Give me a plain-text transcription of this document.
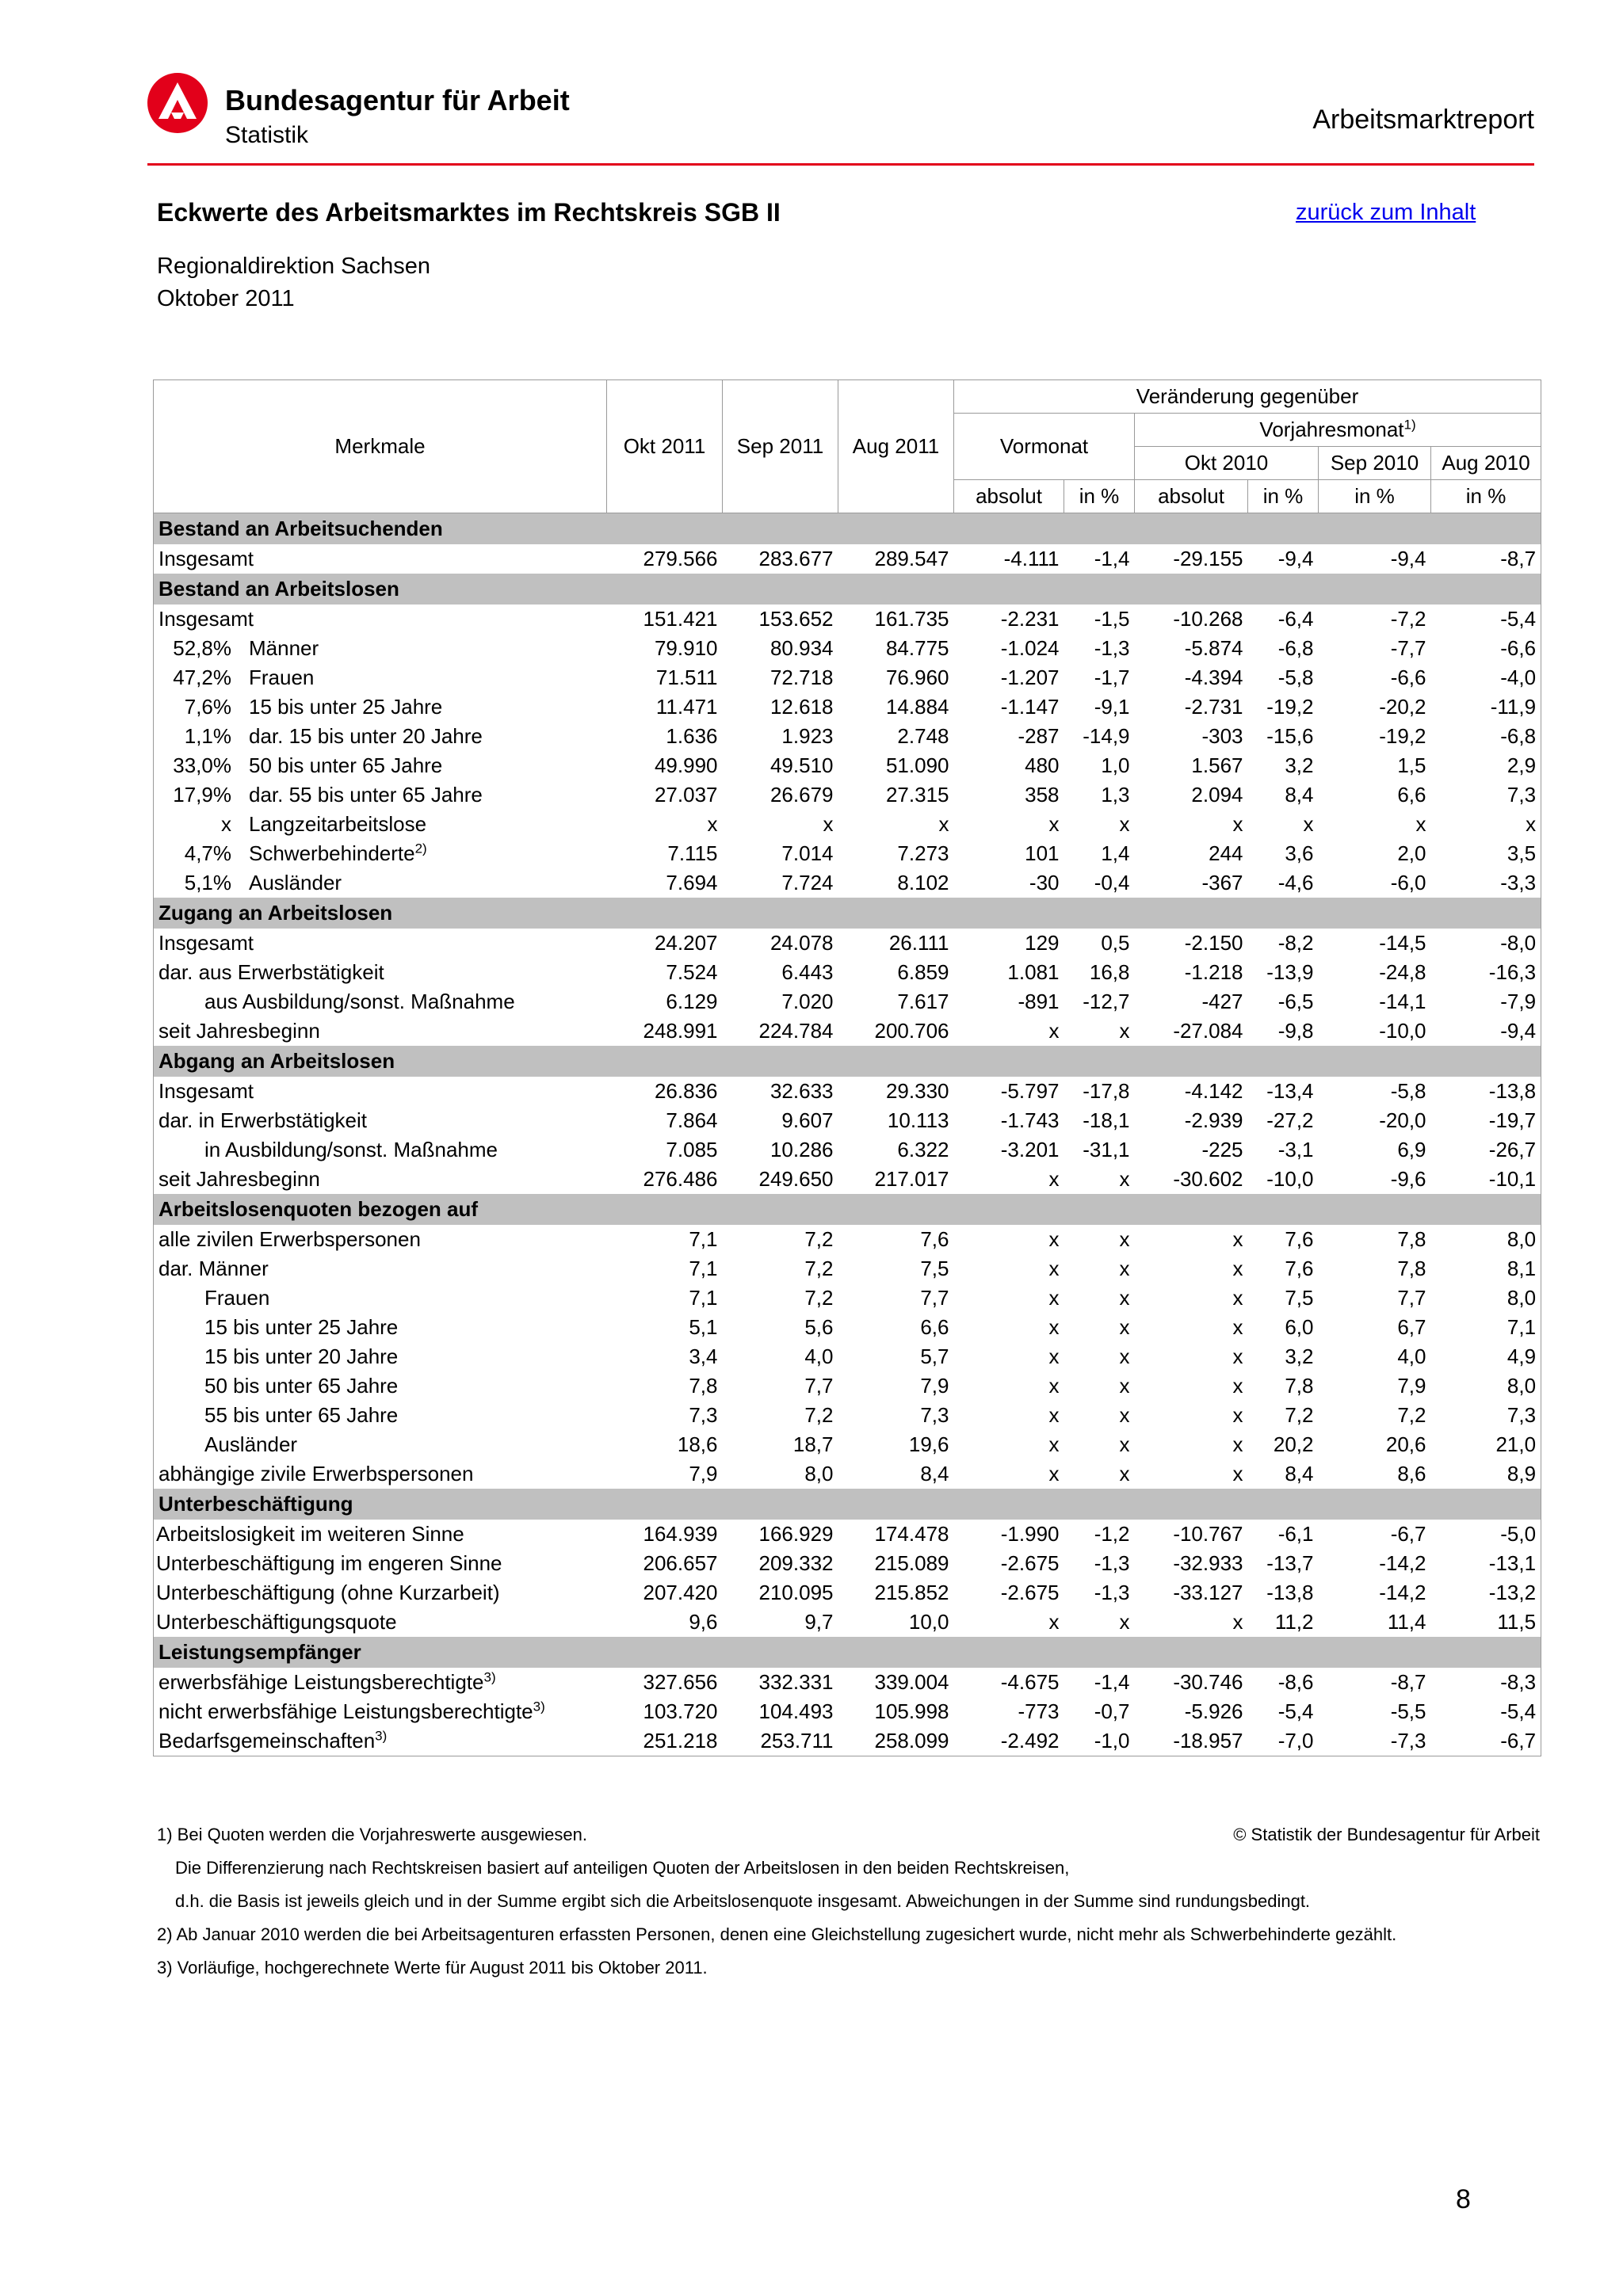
Bundesagentur für Arbeit
Statistik
Arbeitsmarktreport
Eckwerte des Arbeitsmarktes im Rechtskreis SGB II	zurück zum Inhalt
Regionaldirektion Sachsen
Oktober 2011
Merkmale	Okt 2011	Sep 2011	Aug 2011	Veränderung gegenüber					
				Vormonat		Vorjahresmonat$^{1)}$
						Okt 2010		Sep 2010	Aug 2010
				absolut	in %	absolut	in %	in %	in %
Bestand an Arbeitsuchenden									
Insgesamt	279.566	283.677	289.547	-4.111	-1,4	-29.155	-9,4	-9,4	-8,7
Bestand an Arbeitslosen									
Insgesamt	151.421	153.652	161.735	-2.231	-1,5	-10.268	-6,4	-7,2	-5,4
52,8% Männer	79.910	80.934	84.775	-1.024	-1,3	-5.874	-6,8	-7,7	-6,6
47,2% Frauen	71.511	72.718	76.960	-1.207	-1,7	-4.394	-5,8	-6,6	-4,0
7,6% 15 bis unter 25 Jahre	11.471	12.618	14.884	-1.147	-9,1	-2.731	-19,2	-20,2	-11,9
1,1% dar. 15 bis unter 20 Jahre	1.636	1.923	2.748	-287	-14,9	-303	-15,6	-19,2	-6,8
33,0% 50 bis unter 65 Jahre	49.990	49.510	51.090	480	1,0	1.567	3,2	1,5	2,9
17,9% dar. 55 bis unter 65 Jahre	27.037	26.679	27.315	358	1,3	2.094	8,4	6,6	7,3
x Langzeitarbeitslose	x	x	x	x	x	x	x	x	x
4,7% Schwerbehinderte$^{2)}$	7.115	7.014	7.273	101	1,4	244	3,6	2,0	3,5
5,1% Ausländer	7.694	7.724	8.102	-30	-0,4	-367	-4,6	-6,0	-3,3
Zugang an Arbeitslosen									
Insgesamt	24.207	24.078	26.111	129	0,5	-2.150	-8,2	-14,5	-8,0
dar. aus Erwerbstätigkeit	7.524	6.443	6.859	1.081	16,8	-1.218	-13,9	-24,8	-16,3
aus Ausbildung/sonst. Maßnahme	6.129	7.020	7.617	-891	-12,7	-427	-6,5	-14,1	-7,9
seit Jahresbeginn	248.991	224.784	200.706	x	x	-27.084	-9,8	-10,0	-9,4
Abgang an Arbeitslosen									
Insgesamt	26.836	32.633	29.330	-5.797	-17,8	-4.142	-13,4	-5,8	-13,8
dar. in Erwerbstätigkeit	7.864	9.607	10.113	-1.743	-18,1	-2.939	-27,2	-20,0	-19,7
in Ausbildung/sonst. Maßnahme	7.085	10.286	6.322	-3.201	-31,1	-225	-3,1	6,9	-26,7
seit Jahresbeginn	276.486	249.650	217.017	x	x	-30.602	-10,0	-9,6	-10,1
Arbeitslosenquoten bezogen auf									
alle zivilen Erwerbspersonen	7,1	7,2	7,6	x	x	x	7,6	7,8	8,0
dar. Männer	7,1	7,2	7,5	x	x	x	7,6	7,8	8,1
Frauen	7,1	7,2	7,7	x	x	x	7,5	7,7	8,0
15 bis unter 25 Jahre	5,1	5,6	6,6	x	x	x	6,0	6,7	7,1
15 bis unter 20 Jahre	3,4	4,0	5,7	x	x	x	3,2	4,0	4,9
50 bis unter 65 Jahre	7,8	7,7	7,9	x	x	x	7,8	7,9	8,0
55 bis unter 65 Jahre	7,3	7,2	7,3	x	x	x	7,2	7,2	7,3
Ausländer	18,6	18,7	19,6	x	x	x	20,2	20,6	21,0
abhängige zivile Erwerbspersonen	7,9	8,0	8,4	x	x	x	8,4	8,6	8,9
Unterbeschäftigung									
Arbeitslosigkeit im weiteren Sinne	164.939	166.929	174.478	-1.990	-1,2	-10.767	-6,1	-6,7	-5,0
Unterbeschäftigung im engeren Sinne	206.657	209.332	215.089	-2.675	-1,3	-32.933	-13,7	-14,2	-13,1
Unterbeschäftigung (ohne Kurzarbeit)	207.420	210.095	215.852	-2.675	-1,3	-33.127	-13,8	-14,2	-13,2
Unterbeschäftigungsquote	9,6	9,7	10,0	x	x	x	11,2	11,4	11,5
Leistungsempfänger									
erwerbsfähige Leistungsberechtigte$^{3)}$	327.656	332.331	339.004	-4.675	-1,4	-30.746	-8,6	-8,7	-8,3
nicht erwerbsfähige Leistungsberechtigte$^{3)}$	103.720	104.493	105.998	-773	-0,7	-5.926	-5,4	-5,5	-5,4
Bedarfsgemeinschaften$^{3)}$	251.218	253.711	258.099	-2.492	-1,0	-18.957	-7,0	-7,3	-6,7
1) Bei Quoten werden die Vorjahreswerte ausgewiesen.	© Statistik der Bundesagentur für Arbeit
Die Differenzierung nach Rechtskreisen basiert auf anteiligen Quoten der Arbeitslosen in den beiden Rechtskreisen,
d.h. die Basis ist jeweils gleich und in der Summe ergibt sich die Arbeitslosenquote insgesamt. Abweichungen in der Summe sind rundungsbedingt.
2) Ab Januar 2010 werden die bei Arbeitsagenturen erfassten Personen, denen eine Gleichstellung zugesichert wurde, nicht mehr als Schwerbehinderte gezählt.
3) Vorläufige, hochgerechnete Werte für August 2011 bis Oktober 2011.
8
